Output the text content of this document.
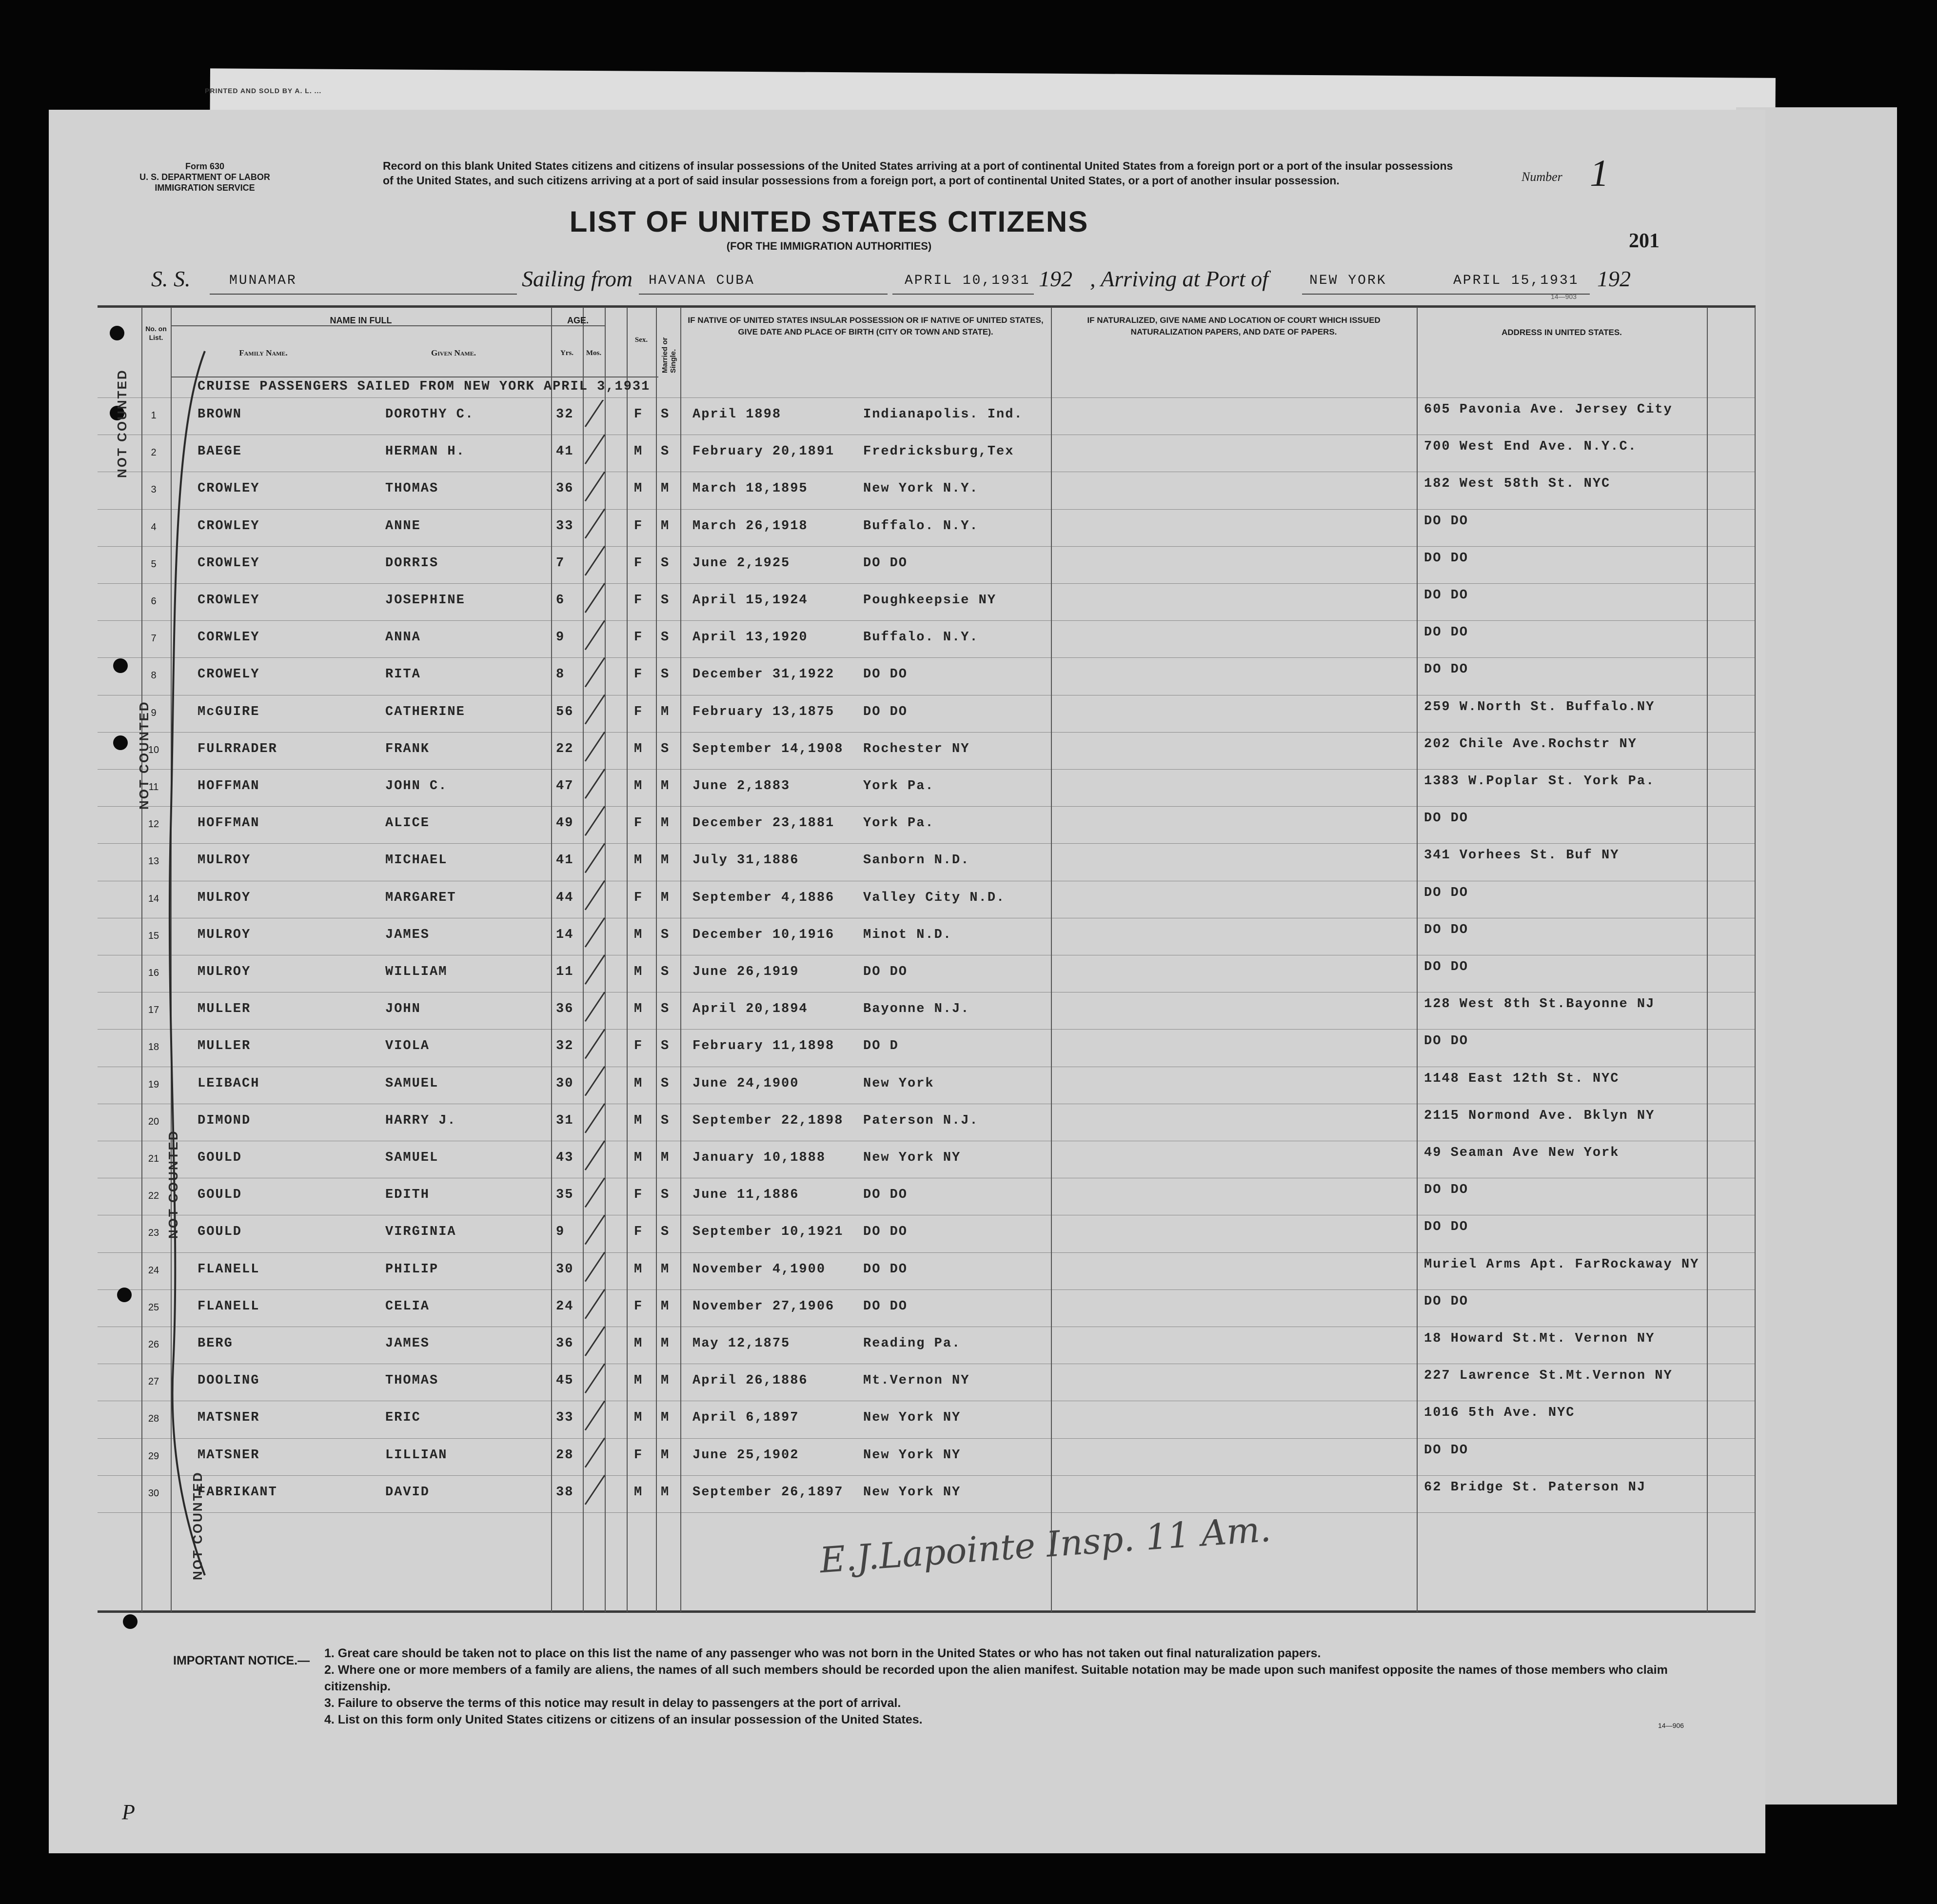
PRINTED AND SOLD BY A. L. ...
Form 630
U. S. DEPARTMENT OF LABOR
IMMIGRATION SERVICE
Record on this blank United States citizens and citizens of insular possessions of the United States arriving at a port of continental United States from a foreign port or a port of the insular possessions of the United States, and such citizens arriving at a port of said insular possessions from a foreign port, a port of continental United States, or a port of another insular possession.	Number 1
LIST OF UNITED STATES CITIZENS
(FOR THE IMMIGRATION AUTHORITIES)	201
S. S.	MUNAMAR	Sailing from HAVANA CUBA	APRIL 10,1931 192 , Arriving at Port of	NEW YORK	APRIL 15,1931 192
14—903
No. on List.
NAME IN FULL
Family Name.	Given Name.
AGE.
Yrs.	Mos.
Sex.	Married or Single.
IF NATIVE OF UNITED STATES INSULAR POSSESSION OR IF NATIVE OF UNITED STATES, GIVE DATE AND PLACE OF BIRTH (CITY OR TOWN AND STATE).
IF NATURALIZED, GIVE NAME AND LOCATION OF COURT WHICH ISSUED NATURALIZATION PAPERS, AND DATE OF PAPERS.	ADDRESS IN UNITED STATES.
CRUISE PASSENGERS SAILED FROM NEW YORK APRIL 3,1931
1	BROWN	DOROTHY C.	32	F S April 1898	Indianapolis. Ind.	605 Pavonia Ave. Jersey City
2	BAEGE	HERMAN H.	41	M S February 20,1891 Fredricksburg,Tex	700 West End Ave. N.Y.C.
3	CROWLEY	THOMAS	36	M M March 18,1895	New York N.Y.	182 West 58th St. NYC
4	CROWLEY	ANNE	33	F M March 26,1918	Buffalo. N.Y.	DO DO
5	CROWLEY	DORRIS	7	F S June 2,1925	DO DO	DO DO
6	CROWLEY	JOSEPHINE	6	F S April 15,1924	Poughkeepsie NY	DO DO
7	CORWLEY	ANNA	9	F S April 13,1920	Buffalo. N.Y.	DO DO
8	CROWELY	RITA	8	F S December 31,1922 DO DO	DO DO
9	McGUIRE	CATHERINE	56	F M February 13,1875 DO DO	259 W.North St. Buffalo.NY
10	FULRRADER	FRANK	22	M S September 14,1908 Rochester NY	202 Chile Ave.Rochstr NY
11	HOFFMAN	JOHN C.	47	M M June 2,1883	York Pa.	1383 W.Poplar St. York Pa.
12	HOFFMAN	ALICE	49	F M December 23,1881 York Pa.	DO DO
13	MULROY	MICHAEL	41	M M July 31,1886	Sanborn N.D.	341 Vorhees St. Buf NY
14	MULROY	MARGARET	44	F M September 4,1886 Valley City N.D.	DO DO
15	MULROY	JAMES	14	M S December 10,1916 Minot N.D.	DO DO
16	MULROY	WILLIAM	11	M S June 26,1919	DO DO	DO DO
17	MULLER	JOHN	36	M S April 20,1894	Bayonne N.J.	128 West 8th St.Bayonne NJ
18	MULLER	VIOLA	32	F S February 11,1898 DO D	DO DO
19	LEIBACH	SAMUEL	30	M S June 24,1900	New York	1148 East 12th St. NYC
20	DIMOND	HARRY J.	31	M S September 22,1898 Paterson N.J.	2115 Normond Ave. Bklyn NY
21	GOULD	SAMUEL	43	M M January 10,1888	New York NY	49 Seaman Ave New York
22	GOULD	EDITH	35	F S June 11,1886	DO DO	DO DO
23	GOULD	VIRGINIA	9	F S September 10,1921 DO DO	DO DO
24	FLANELL	PHILIP	30	M M November 4,1900	DO DO	Muriel Arms Apt. FarRockaway NY
25	FLANELL	CELIA	24	F M November 27,1906 DO DO	DO DO
26	BERG	JAMES	36	M M May 12,1875	Reading Pa.	18 Howard St.Mt. Vernon NY
27	DOOLING	THOMAS	45	M M April 26,1886	Mt.Vernon NY	227 Lawrence St.Mt.Vernon NY
28	MATSNER	ERIC	33	M M April 6,1897	New York NY	1016 5th Ave. NYC
29	MATSNER	LILLIAN	28	F M June 25,1902	New York NY	DO DO
30	FABRIKANT	DAVID	38	M M September 26,1897 New York NY	62 Bridge St. Paterson NJ
NOT COUNTED
NOT COUNTED
NOT COUNTED
NOT COUNTED	E.J.Lapointe Insp. 11 Am.
IMPORTANT NOTICE.—
1. Great care should be taken not to place on this list the name of any passenger who was not born in the United States or who has not taken out final naturalization papers.
2. Where one or more members of a family are aliens, the names of all such members should be recorded upon the alien manifest. Suitable notation may be made upon such manifest opposite the names of those members who claim citizenship.
3. Failure to observe the terms of this notice may result in delay to passengers at the port of arrival.
4. List on this form only United States citizens or citizens of an insular possession of the United States.	14—906
P
